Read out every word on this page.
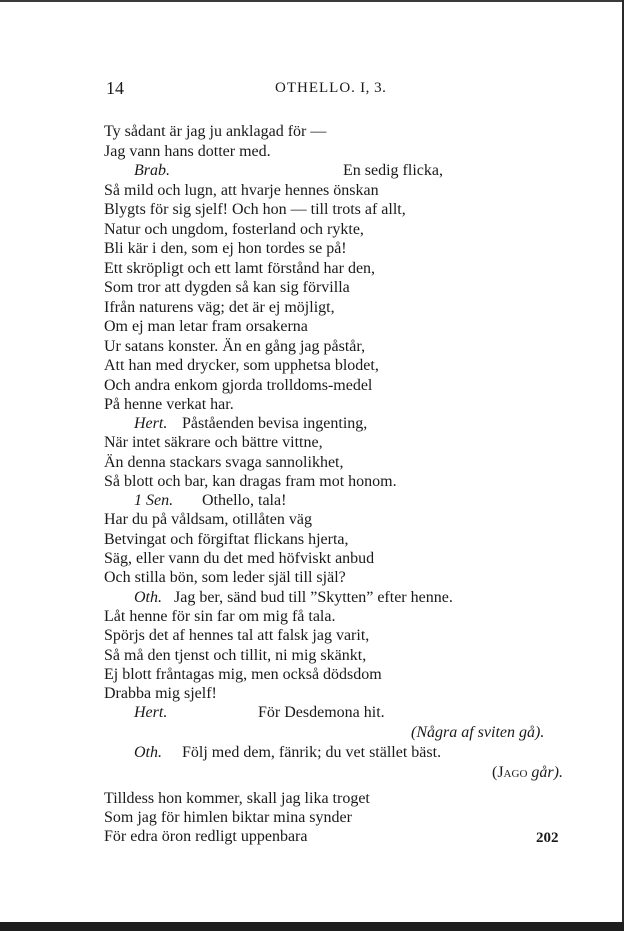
14	OTHELLO. I, 3.
Ty sådant är jag ju anklagad för —
Jag vann hans dotter med.
Brab.	En sedig flicka,
Så mild och lugn, att hvarje hennes önskan
Blygts för sig sjelf! Och hon — till trots af allt,
Natur och ungdom, fosterland och rykte,
Bli kär i den, som ej hon tordes se på!
Ett skröpligt och ett lamt förstånd har den,
Som tror att dygden så kan sig förvilla
Ifrån naturens väg; det är ej möjligt,
Om ej man letar fram orsakerna
Ur satans konster. Än en gång jag påstår,
Att han med drycker, som upphetsa blodet,
Och andra enkom gjorda trolldoms-medel
På henne verkat har.
Hert. Påståenden bevisa ingenting,
När intet säkrare och bättre vittne,
Än denna stackars svaga sannolikhet,
Så blott och bar, kan dragas fram mot honom.
1 Sen. Othello, tala!
Har du på våldsam, otillåten väg
Betvingat och förgiftat flickans hjerta,
Säg, eller vann du det med höfviskt anbud
Och stilla bön, som leder själ till själ?
Oth. Jag ber, sänd bud till ”Skytten” efter henne.
Låt henne för sin far om mig få tala.
Spörjs det af hennes tal att falsk jag varit,
Så må den tjenst och tillit, ni mig skänkt,
Ej blott fråntagas mig, men också dödsdom
Drabba mig sjelf!
Hert.	För Desdemona hit.
(Några af sviten gå).
Oth. Följ med dem, fänrik; du vet stället bäst.
(Jago går).
Tilldess hon kommer, skall jag lika troget
Som jag för himlen biktar mina synder
För edra öron redligt uppenbara	202
